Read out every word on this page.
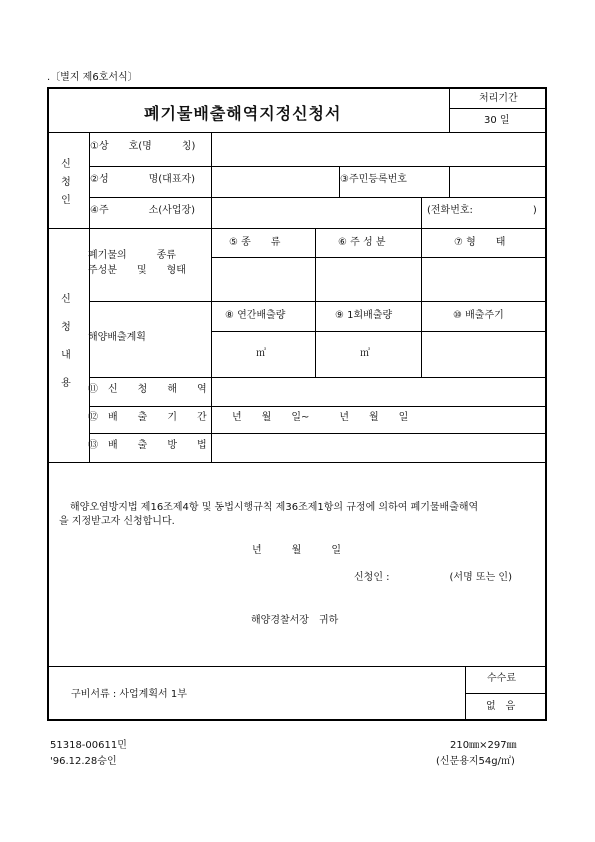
.〔별지 제6호서식〕
폐기물배출해역지정신청서
처리기간
30 일
신
청
인
①상　　호(명　　　칭)
②성　　　　명(대표자)	③주민등록번호
④주　　　　소(사업장)	(전화번호:　　　　　　)
신
청
내
용
폐기물의　　　종류
주성분　　및　　형태
⑤ 종　　류	⑥ 주 성 분	⑦ 형　　태
해양배출계획
⑧ 연간배출량	⑨ 1회배출량	⑩ 배출주기
㎥	㎥
⑪　신　　청　　해　　역
⑫　배　　출　　기　　간	년　　월　　일~　　　년　　월　　일
⑬　배　　출　　방　　법
해양오염방지법 제16조제4항 및 동법시행규칙 제36조제1항의 규정에 의하여 폐기물배출해역
을 지정받고자 신청합니다.
년　　　월　　　일
신청인 :　　　　　　(서명 또는 인)
해양경찰서장　귀하
구비서류 : 사업계획서 1부
수수료
없　음
51318-00611민
'96.12.28승인
210㎜×297㎜
(신문용지54g/㎡)
